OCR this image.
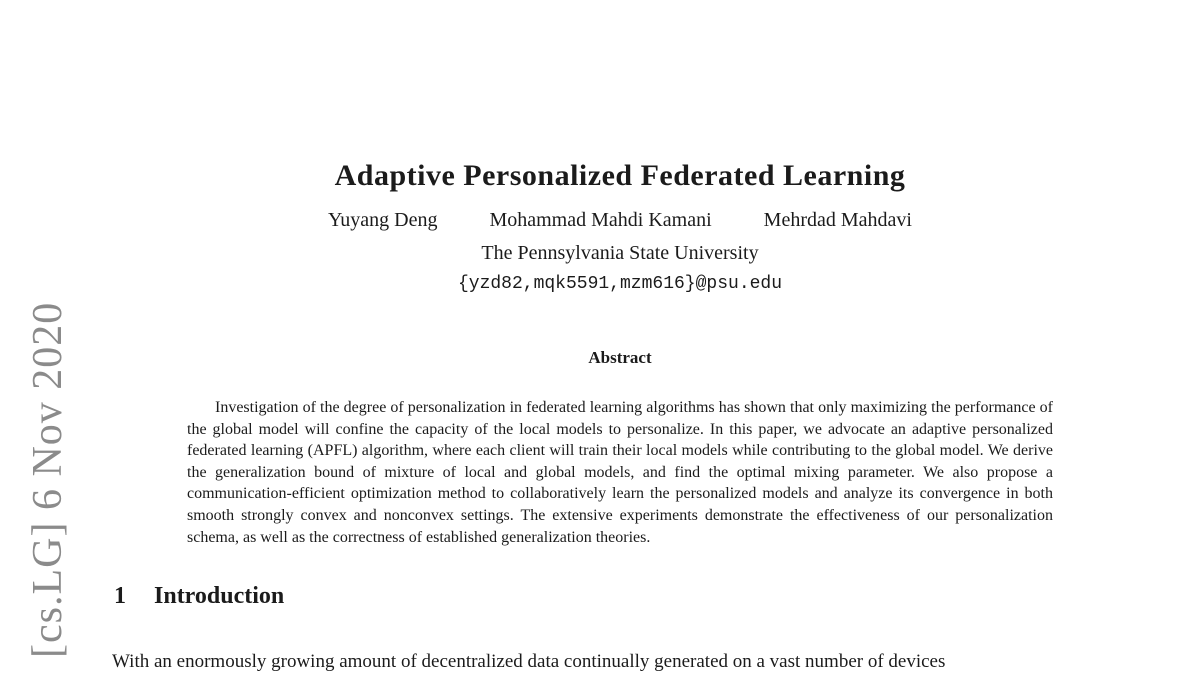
[cs.LG] 6 Nov 2020
Adaptive Personalized Federated Learning
Yuyang Deng	Mohammad Mahdi Kamani	Mehrdad Mahdavi
The Pennsylvania State University
{yzd82,mqk5591,mzm616}@psu.edu
Abstract

Investigation of the degree of personalization in federated learning algorithms has shown that only maximizing the performance of the global model will confine the capacity of the local models to personalize. In this paper, we advocate an adaptive personalized federated learning (APFL) algorithm, where each client will train their local models while contributing to the global model. We derive the generalization bound of mixture of local and global models, and find the optimal mixing parameter. We also propose a communication-efficient optimization method to collaboratively learn the personalized models and analyze its convergence in both smooth strongly convex and nonconvex settings. The extensive experiments demonstrate the effectiveness of our personalization schema, as well as the correctness of established generalization theories.

1 Introduction

With an enormously growing amount of decentralized data continually generated on a vast number of devices
